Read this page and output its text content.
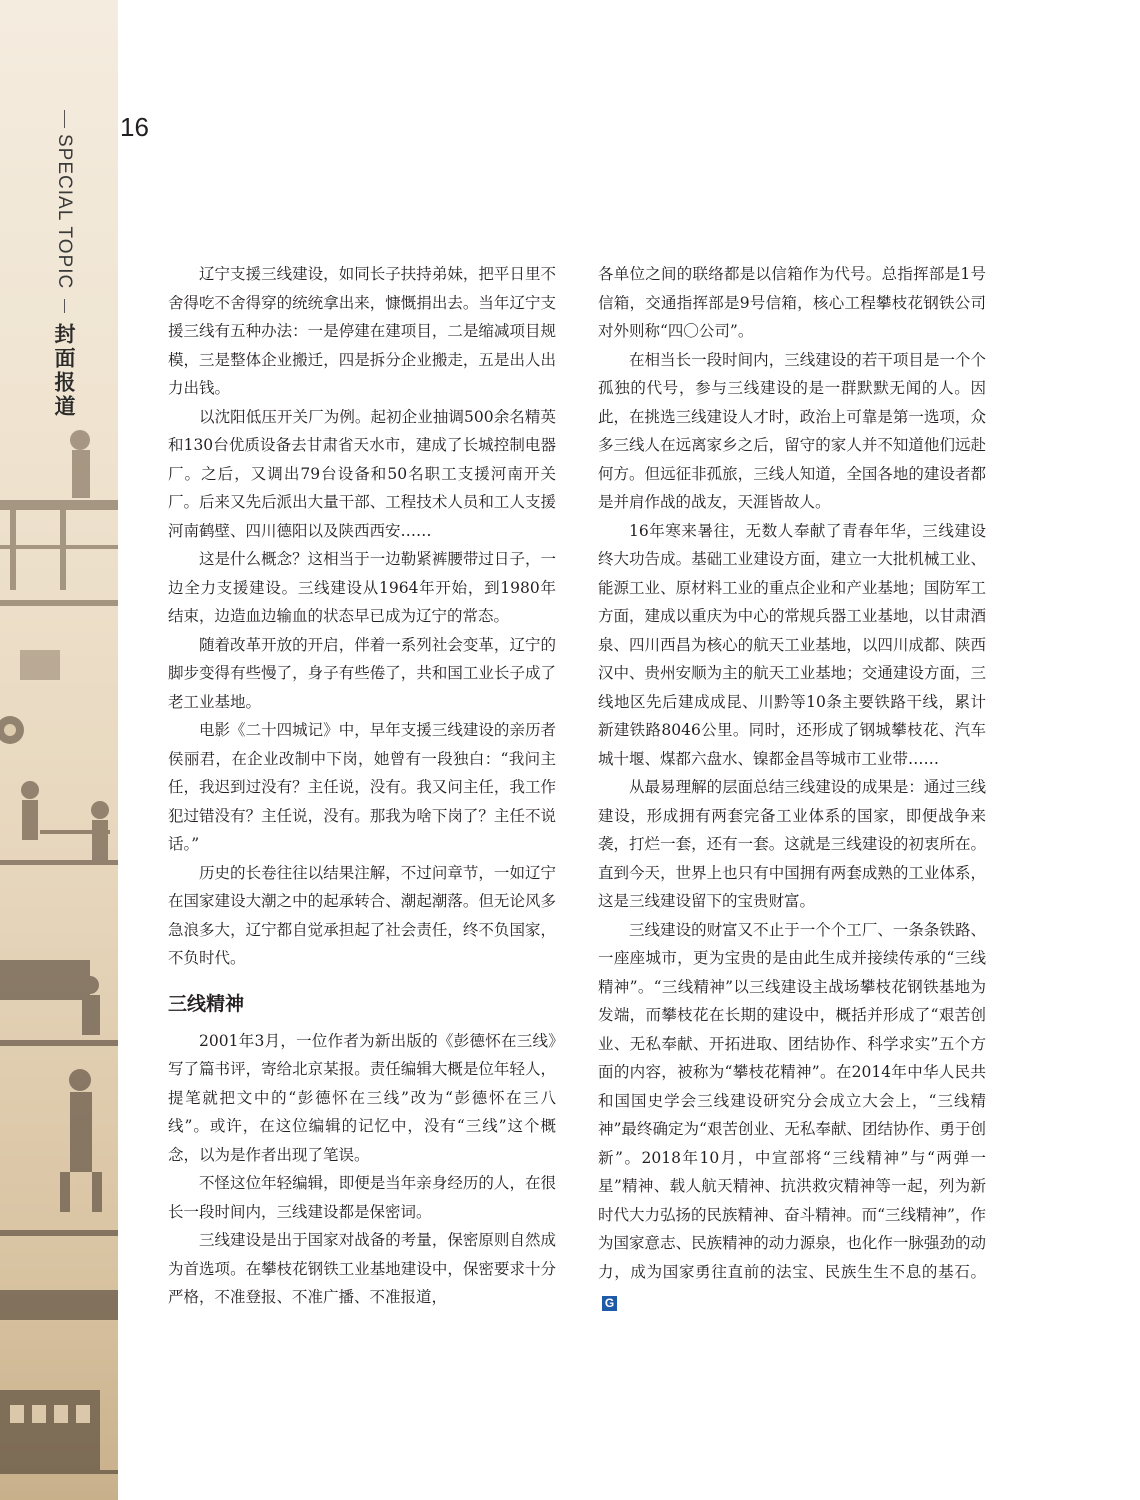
16
SPECIAL TOPIC
封面报道

辽宁支援三线建设，如同长子扶持弟妹，把平日里不舍得吃不舍得穿的统统拿出来，慷慨捐出去。当年辽宁支援三线有五种办法：一是停建在建项目，二是缩减项目规模，三是整体企业搬迁，四是拆分企业搬走，五是出人出力出钱。

以沈阳低压开关厂为例。起初企业抽调500余名精英和130台优质设备去甘肃省天水市，建成了长城控制电器厂。之后，又调出79台设备和50名职工支援河南开关厂。后来又先后派出大量干部、工程技术人员和工人支援河南鹤壁、四川德阳以及陕西西安……

这是什么概念？这相当于一边勒紧裤腰带过日子，一边全力支援建设。三线建设从1964年开始，到1980年结束，边造血边输血的状态早已成为辽宁的常态。

随着改革开放的开启，伴着一系列社会变革，辽宁的脚步变得有些慢了，身子有些倦了，共和国工业长子成了老工业基地。

电影《二十四城记》中，早年支援三线建设的亲历者侯丽君，在企业改制中下岗，她曾有一段独白：“我问主任，我迟到过没有？主任说，没有。我又问主任，我工作犯过错没有？主任说，没有。那我为啥下岗了？主任不说话。”

历史的长卷往往以结果注解，不过问章节，一如辽宁在国家建设大潮之中的起承转合、潮起潮落。但无论风多急浪多大，辽宁都自觉承担起了社会责任，终不负国家，不负时代。

三线精神

2001年3月，一位作者为新出版的《彭德怀在三线》写了篇书评，寄给北京某报。责任编辑大概是位年轻人，提笔就把文中的“彭德怀在三线”改为“彭德怀在三八线”。或许，在这位编辑的记忆中，没有“三线”这个概念，以为是作者出现了笔误。

不怪这位年轻编辑，即便是当年亲身经历的人，在很长一段时间内，三线建设都是保密词。

三线建设是出于国家对战备的考量，保密原则自然成为首选项。在攀枝花钢铁工业基地建设中，保密要求十分严格，不准登报、不准广播、不准报道，

各单位之间的联络都是以信箱作为代号。总指挥部是1号信箱，交通指挥部是9号信箱，核心工程攀枝花钢铁公司对外则称“四〇公司”。

在相当长一段时间内，三线建设的若干项目是一个个孤独的代号，参与三线建设的是一群默默无闻的人。因此，在挑选三线建设人才时，政治上可靠是第一选项，众多三线人在远离家乡之后，留守的家人并不知道他们远赴何方。但远征非孤旅，三线人知道，全国各地的建设者都是并肩作战的战友，天涯皆故人。

16年寒来暑往，无数人奉献了青春年华，三线建设终大功告成。基础工业建设方面，建立一大批机械工业、能源工业、原材料工业的重点企业和产业基地；国防军工方面，建成以重庆为中心的常规兵器工业基地，以甘肃酒泉、四川西昌为核心的航天工业基地，以四川成都、陕西汉中、贵州安顺为主的航天工业基地；交通建设方面，三线地区先后建成成昆、川黔等10条主要铁路干线，累计新建铁路8046公里。同时，还形成了钢城攀枝花、汽车城十堰、煤都六盘水、镍都金昌等城市工业带……

从最易理解的层面总结三线建设的成果是：通过三线建设，形成拥有两套完备工业体系的国家，即便战争来袭，打烂一套，还有一套。这就是三线建设的初衷所在。直到今天，世界上也只有中国拥有两套成熟的工业体系，这是三线建设留下的宝贵财富。

三线建设的财富又不止于一个个工厂、一条条铁路、一座座城市，更为宝贵的是由此生成并接续传承的“三线精神”。“三线精神”以三线建设主战场攀枝花钢铁基地为发端，而攀枝花在长期的建设中，概括并形成了“艰苦创业、无私奉献、开拓进取、团结协作、科学求实”五个方面的内容，被称为“攀枝花精神”。在2014年中华人民共和国国史学会三线建设研究分会成立大会上，“三线精神”最终确定为“艰苦创业、无私奉献、团结协作、勇于创新”。2018年10月，中宣部将“三线精神”与“两弹一星”精神、载人航天精神、抗洪救灾精神等一起，列为新时代大力弘扬的民族精神、奋斗精神。而“三线精神”，作为国家意志、民族精神的动力源泉，也化作一脉强劲的动力，成为国家勇往直前的法宝、民族生生不息的基石。G
